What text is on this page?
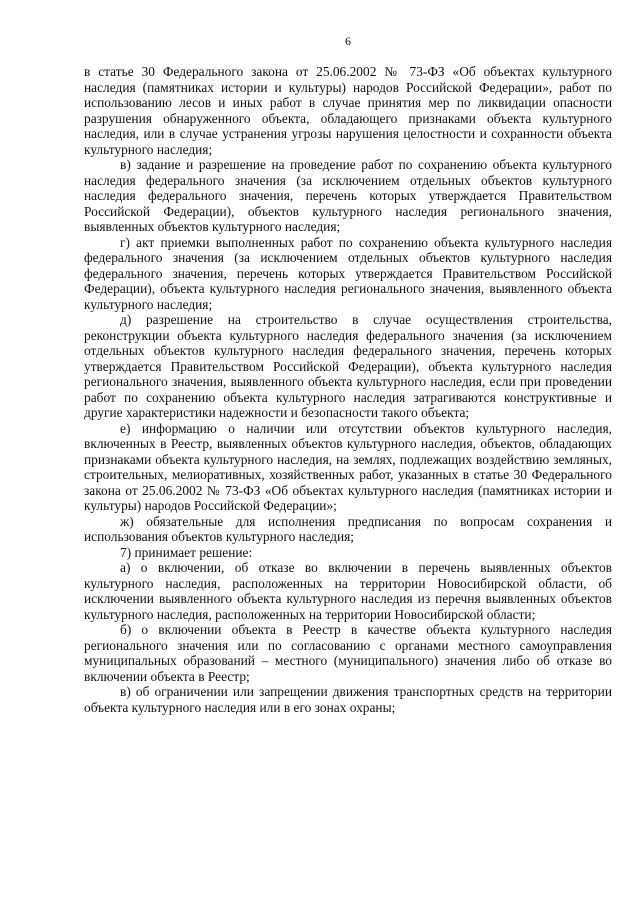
6

в статье 30 Федерального закона от 25.06.2002 № 73-ФЗ «Об объектах культурного наследия (памятниках истории и культуры) народов Российской Федерации», работ по использованию лесов и иных работ в случае принятия мер по ликвидации опасности разрушения обнаруженного объекта, обладающего признаками объекта культурного наследия, или в случае устранения угрозы нарушения целостности и сохранности объекта культурного наследия;

в) задание и разрешение на проведение работ по сохранению объекта культурного наследия федерального значения (за исключением отдельных объектов культурного наследия федерального значения, перечень которых утверждается Правительством Российской Федерации), объектов культурного наследия регионального значения, выявленных объектов культурного наследия;

г) акт приемки выполненных работ по сохранению объекта культурного наследия федерального значения (за исключением отдельных объектов культурного наследия федерального значения, перечень которых утверждается Правительством Российской Федерации), объекта культурного наследия регионального значения, выявленного объекта культурного наследия;

д) разрешение на строительство в случае осуществления строительства, реконструкции объекта культурного наследия федерального значения (за исключением отдельных объектов культурного наследия федерального значения, перечень которых утверждается Правительством Российской Федерации), объекта культурного наследия регионального значения, выявленного объекта культурного наследия, если при проведении работ по сохранению объекта культурного наследия затрагиваются конструктивные и другие характеристики надежности и безопасности такого объекта;

е) информацию о наличии или отсутствии объектов культурного наследия, включенных в Реестр, выявленных объектов культурного наследия, объектов, обладающих признаками объекта культурного наследия, на землях, подлежащих воздействию земляных, строительных, мелиоративных, хозяйственных работ, указанных в статье 30 Федерального закона от 25.06.2002 № 73-ФЗ «Об объектах культурного наследия (памятниках истории и культуры) народов Российской Федерации»;

ж) обязательные для исполнения предписания по вопросам сохранения и использования объектов культурного наследия;

7) принимает решение:

а) о включении, об отказе во включении в перечень выявленных объектов культурного наследия, расположенных на территории Новосибирской области, об исключении выявленного объекта культурного наследия из перечня выявленных объектов культурного наследия, расположенных на территории Новосибирской области;

б) о включении объекта в Реестр в качестве объекта культурного наследия регионального значения или по согласованию с органами местного самоуправления муниципальных образований – местного (муниципального) значения либо об отказе во включении объекта в Реестр;

в) об ограничении или запрещении движения транспортных средств на территории объекта культурного наследия или в его зонах охраны;
